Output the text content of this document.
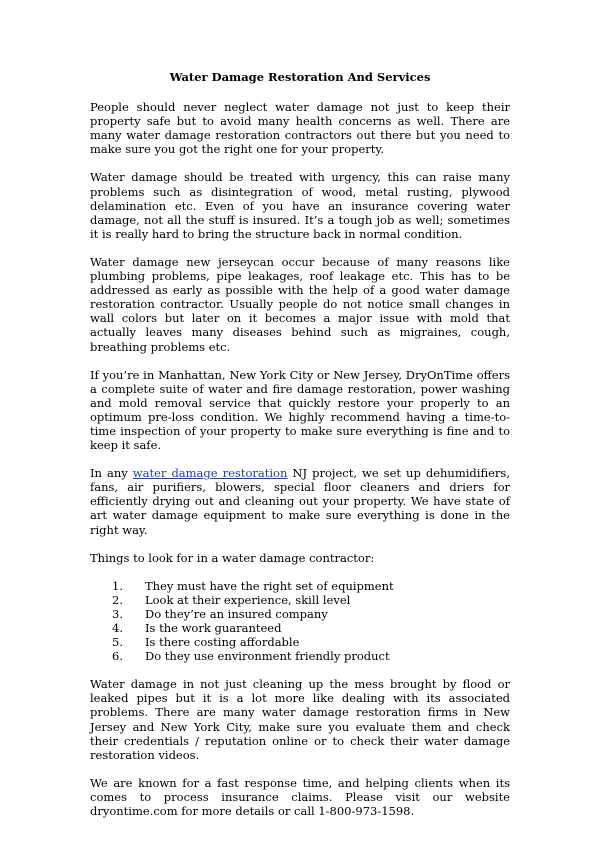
Water Damage Restoration And Services

People should never neglect water damage not just to keep their property safe but to avoid many health concerns as well. There are many water damage restoration contractors out there but you need to make sure you got the right one for your property.

Water damage should be treated with urgency, this can raise many problems such as disintegration of wood, metal rusting, plywood delamination etc. Even of you have an insurance covering water damage, not all the stuff is insured. It’s a tough job as well; sometimes it is really hard to bring the structure back in normal condition.

Water damage new jerseycan occur because of many reasons like plumbing problems, pipe leakages, roof leakage etc. This has to be addressed as early as possible with the help of a good water damage restoration contractor. Usually people do not notice small changes in wall colors but later on it becomes a major issue with mold that actually leaves many diseases behind such as migraines, cough, breathing problems etc.

If you’re in Manhattan, New York City or New Jersey, DryOnTime offers a complete suite of water and fire damage restoration, power washing and mold removal service that quickly restore your properly to an optimum pre-loss condition. We highly recommend having a time-to-time inspection of your property to make sure everything is fine and to keep it safe.

In any water damage restoration NJ project, we set up dehumidifiers, fans, air purifiers, blowers, special floor cleaners and driers for efficiently drying out and cleaning out your property. We have state of art water damage equipment to make sure everything is done in the right way.

Things to look for in a water damage contractor:

1.	They must have the right set of equipment
2.	Look at their experience, skill level
3.	Do they’re an insured company
4.	Is the work guaranteed
5.	Is there costing affordable
6.	Do they use environment friendly product

Water damage in not just cleaning up the mess brought by flood or leaked pipes but it is a lot more like dealing with its associated problems. There are many water damage restoration firms in New Jersey and New York City, make sure you evaluate them and check their credentials / reputation online or to check their water damage restoration videos.

We are known for a fast response time, and helping clients when its comes to process insurance claims. Please visit our website dryontime.com for more details or call 1-800-973-1598.
